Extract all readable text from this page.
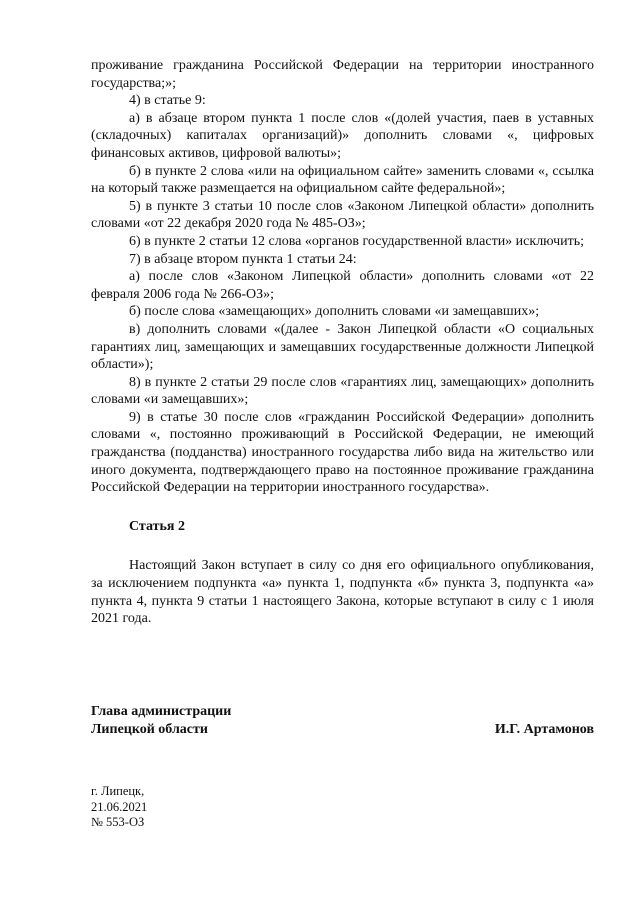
проживание гражданина Российской Федерации на территории иностранного государства;»;

4) в статье 9:

а) в абзаце втором пункта 1 после слов «(долей участия, паев в уставных (складочных) капиталах организаций)» дополнить словами «, цифровых финансовых активов, цифровой валюты»;

б) в пункте 2 слова «или на официальном сайте» заменить словами «, ссылка на который также размещается на официальном сайте федеральной»;

5) в пункте 3 статьи 10 после слов «Законом Липецкой области» дополнить словами «от 22 декабря 2020 года № 485-ОЗ»;

6) в пункте 2 статьи 12 слова «органов государственной власти» исключить;

7) в абзаце втором пункта 1 статьи 24:

а) после слов «Законом Липецкой области» дополнить словами «от 22 февраля 2006 года № 266-ОЗ»;

б) после слова «замещающих» дополнить словами «и замещавших»;

в) дополнить словами «(далее - Закон Липецкой области «О социальных гарантиях лиц, замещающих и замещавших государственные должности Липецкой области»);

8) в пункте 2 статьи 29 после слов «гарантиях лиц, замещающих» дополнить словами «и замещавших»;

9) в статье 30 после слов «гражданин Российской Федерации» дополнить словами «, постоянно проживающий в Российской Федерации, не имеющий гражданства (подданства) иностранного государства либо вида на жительство или иного документа, подтверждающего право на постоянное проживание гражданина Российской Федерации на территории иностранного государства».

Статья 2

Настоящий Закон вступает в силу со дня его официального опубликования, за исключением подпункта «а» пункта 1, подпункта «б» пункта 3, подпункта «а» пункта 4, пункта 9 статьи 1 настоящего Закона, которые вступают в силу с 1 июля 2021 года.

Глава администрации
Липецкой области	И.Г. Артамонов
г. Липецк,
21.06.2021
№ 553-ОЗ
